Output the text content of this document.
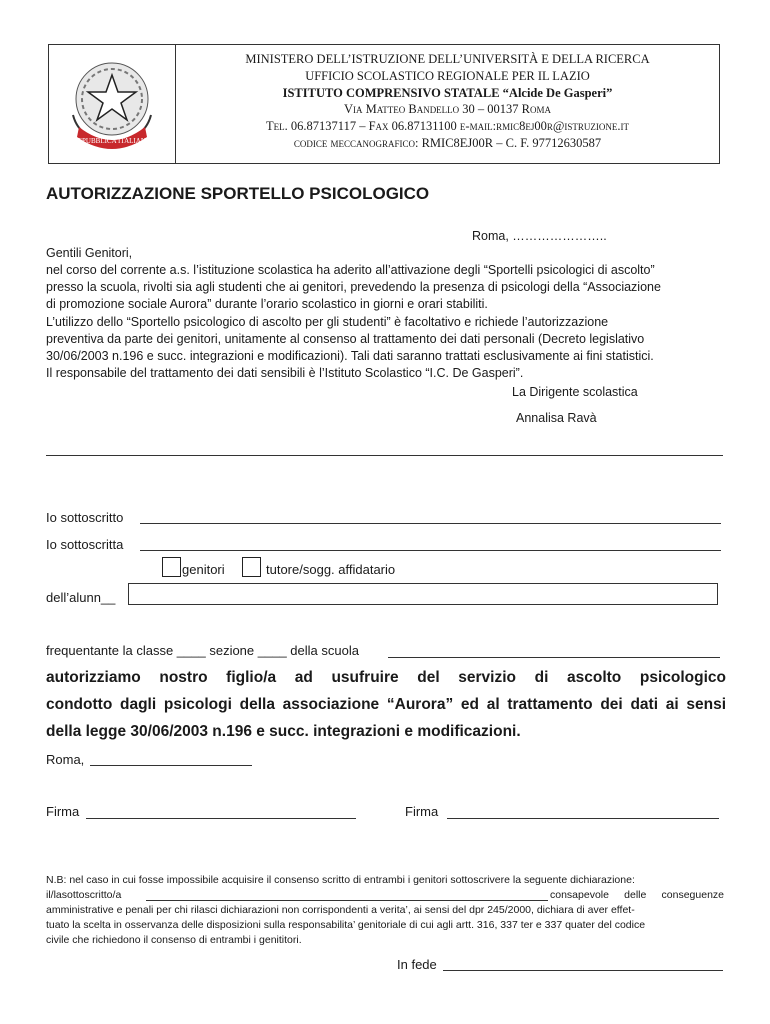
REPUBBLICA ITALIANA
MINISTERO DELL’ISTRUZIONE DELL’UNIVERSITÀ E DELLA RICERCA
UFFICIO SCOLASTICO REGIONALE PER IL LAZIO
ISTITUTO COMPRENSIVO STATALE “Alcide De Gasperi”
Via Matteo Bandello 30 – 00137 Roma
Tel. 06.87137117 – Fax 06.87131100 e-mail:rmic8ej00r@istruzione.it
codice meccanografico: RMIC8EJ00R – C. F. 97712630587
AUTORIZZAZIONE SPORTELLO PSICOLOGICO
Roma, …………………..
Gentili Genitori,
nel corso del corrente a.s. l’istituzione scolastica ha aderito all’attivazione degli “Sportelli psicologici di ascolto”
presso la scuola, rivolti sia agli studenti che ai genitori, prevedendo la presenza di psicologi della “Associazione
di promozione sociale Aurora” durante l’orario scolastico in giorni e orari stabiliti.
L’utilizzo dello “Sportello psicologico di ascolto per gli studenti” è facoltativo e richiede l’autorizzazione
preventiva da parte dei genitori, unitamente al consenso al trattamento dei dati personali (Decreto legislativo
30/06/2003 n.196 e succ. integrazioni e modificazioni). Tali dati saranno trattati esclusivamente ai fini statistici.
Il responsabile del trattamento dei dati sensibili è l’Istituto Scolastico “I.C. De Gasperi”.
La Dirigente scolastica
Annalisa Ravà
Io sottoscritto
Io sottoscritta
genitori	tutore/sogg. affidatario
dell’alunn__
frequentante la classe ____ sezione ____ della scuola
autorizziamo nostro figlio/a ad usufruire del servizio di ascolto psicologico
condotto dagli psicologi della associazione “Aurora” ed al trattamento dei dati ai sensi
della legge 30/06/2003 n.196 e succ. integrazioni e modificazioni.
Roma,
Firma	Firma
N.B: nel caso in cui fosse impossibile acquisire il consenso scritto di entrambi i genitori sottoscrivere la seguente dichiarazione:
il/lasottoscritto/a	consapevole delle conseguenze
amministrative e penali per chi rilasci dichiarazioni non corrispondenti a verita’, ai sensi del dpr 245/2000, dichiara di aver effet-
tuato la scelta in osservanza delle disposizioni sulla responsabilita’ genitoriale di cui agli artt. 316, 337 ter e 337 quater del codice
civile che richiedono il consenso di entrambi i genititori.
In fede
